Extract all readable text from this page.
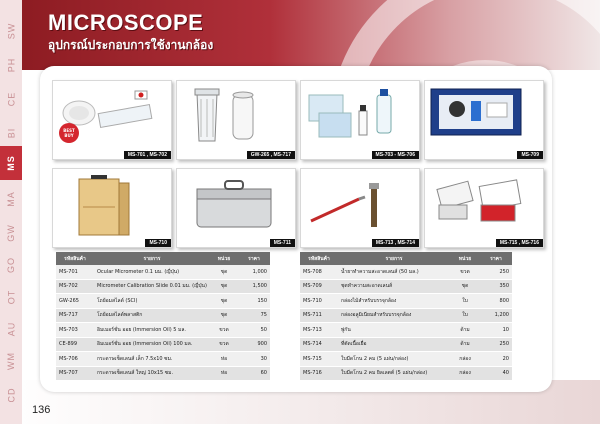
SW
PH
CE
BI
MS
MA
GW
GO
OT
AU
WM
CD
MICROSCOPE
อุปกรณ์ประกอบการใช้งานกล้อง
BEST BUY
MS-701 , MS-702	GW-265 , MS-717	MS-703 - MS-706	MS-709
MS-710	MS-711	MS-713 , MS-714	MS-715 , MS-716
รหัสสินค้า	รายการ	หน่วย	ราคา
MS-701	Ocular Micrometer 0.1 มม. (ญี่ปุ่น)	ชุด	1,000
MS-702	Micrometer Calibration Slide 0.01 มม. (ญี่ปุ่น)	ชุด	1,500
GW-265	โถย้อมสไลด์ (SCI)	ชุด	150
MS-717	โถย้อมสไลด์พลาสติก	ชุด	75
MS-703	อิมเมอร์ชั่น ออย (Immersion Oil) 5 มล.	ขวด	50
CE-899	อิมเมอร์ชั่น ออย (Immersion Oil) 100 มล.	ขวด	900
MS-706	กระดาษเช็ดเลนส์ เล็ก 7.5x10 ซม.	ห่อ	30
MS-707	กระดาษเช็ดเลนส์ ใหญ่ 10x15 ซม.	ห่อ	60
รหัสสินค้า	รายการ	หน่วย	ราคา
MS-708	น้ำยาทำความสะอาดเลนส์ (50 มล.)	ขวด	250
MS-709	ชุดทำความสะอาดเลนส์	ชุด	350
MS-710	กล่องไม้สำหรับบรรจุกล้อง	ใบ	800
MS-711	กล่องอลูมิเนียมสำหรับบรรจุกล้อง	ใบ	1,200
MS-713	พู่กัน	ด้าม	10
MS-714	ที่ตัดเนื้อเยื่อ	ด้าม	250
MS-715	ใบมีดโกน 2 คม (5 แผ่น/กล่อง)	กล่อง	20
MS-716	ใบมีดโกน 2 คม ยิลเลตต์ (5 แผ่น/กล่อง)	กล่อง	40
136
